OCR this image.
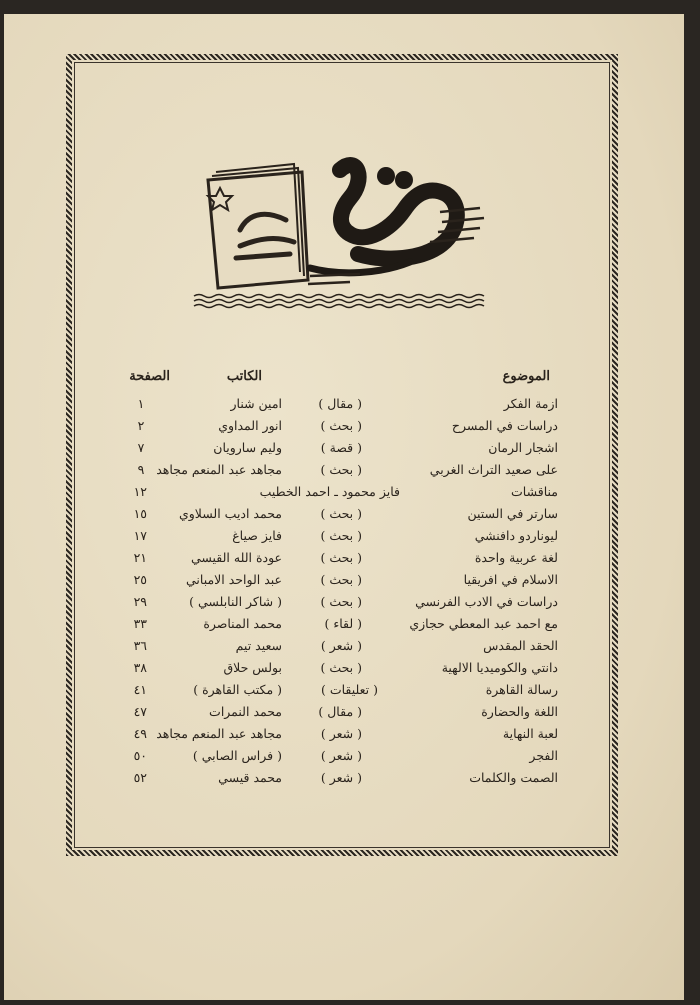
الموضوع
الكاتب
الصفحة
ازمة الفكر
( مقال )
امين شنار
١
دراسات في المسرح
( بحث )
انور المداوي
٢
اشجار الرمان
( قصة )
وليم سارويان
٧
على صعيد التراث الغربي
( بحث )
مجاهد عبد المنعم مجاهد
٩
مناقشات
فايز محمود ـ احمد الخطيب
١٢
سارتر في الستين
( بحث )
محمد اديب السلاوي
١٥
ليوناردو دافنشي
( بحث )
فايز صياغ
١٧
لغة عربية واحدة
( بحث )
عودة الله القيسي
٢١
الاسلام في افريقيا
( بحث )
عبد الواحد الامباني
٢٥
دراسات في الادب الفرنسي
( بحث )
( شاكر النابلسي )
٢٩
مع احمد عبد المعطي حجازي
( لقاء )
محمد المناصرة
٣٣
الحقد المقدس
( شعر )
سعيد تيم
٣٦
دانتي والكوميديا الالهية
( بحث )
بولس حلاق
٣٨
رسالة القاهرة
( تعليقات )
( مكتب القاهرة )
٤١
اللغة والحضارة
( مقال )
محمد النمرات
٤٧
لعبة النهاية
( شعر )
مجاهد عبد المنعم مجاهد
٤٩
الفجر
( شعر )
( فراس الصابي )
٥٠
الصمت والكلمات
( شعر )
محمد قيسي
٥٢
